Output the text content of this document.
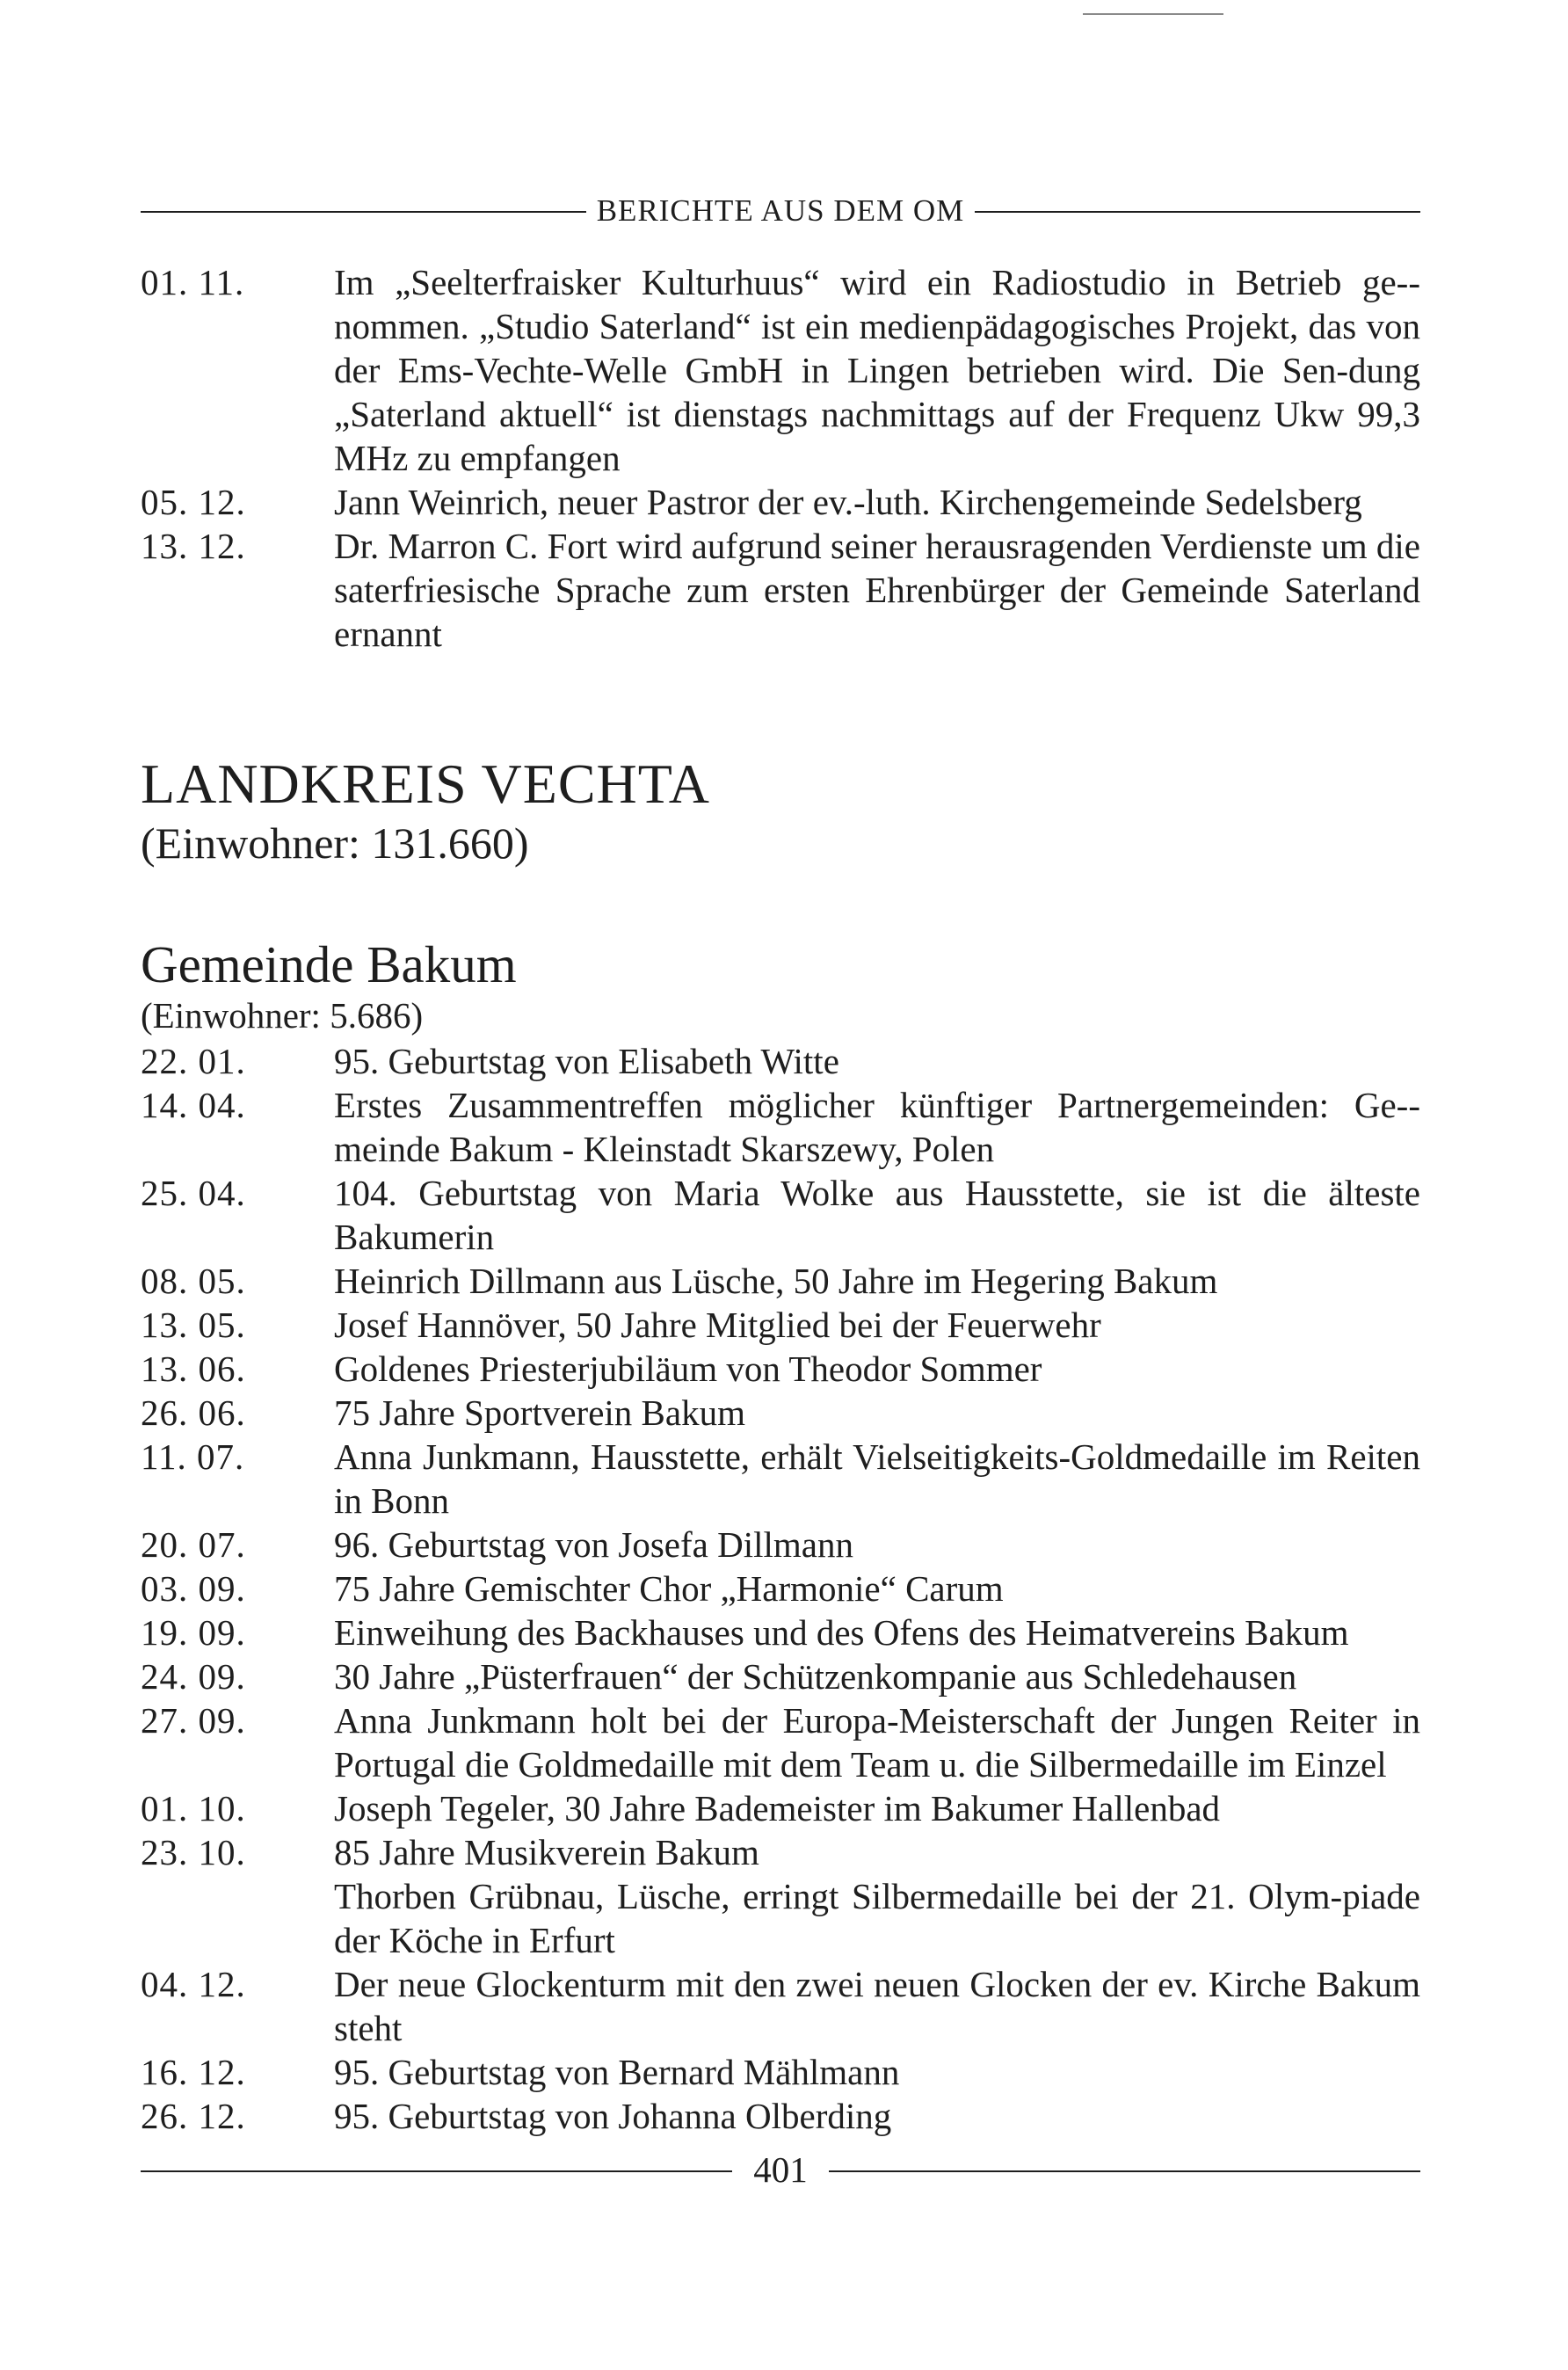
BERICHTE AUS DEM OM
01. 11.	Im „Seelterfraisker Kulturhuus“ wird ein Radiostudio in Betrieb ge-nommen. „Studio Saterland“ ist ein medienpädagogisches Projekt, das von der Ems-Vechte-Welle GmbH in Lingen betrieben wird. Die Sen-dung „Saterland aktuell“ ist dienstags nachmittags auf der Frequenz Ukw 99,3 MHz zu empfangen
05. 12.	Jann Weinrich, neuer Pastror der ev.-luth. Kirchengemeinde Sedelsberg
13. 12.	Dr. Marron C. Fort wird aufgrund seiner herausragenden Verdienste um die saterfriesische Sprache zum ersten Ehrenbürger der Gemeinde Saterland ernannt
LANDKREIS VECHTA
(Einwohner: 131.660)
Gemeinde Bakum
(Einwohner: 5.686)
22. 01.	95. Geburtstag von Elisabeth Witte
14. 04.	Erstes Zusammentreffen möglicher künftiger Partnergemeinden: Ge-meinde Bakum - Kleinstadt Skarszewy, Polen
25. 04.	104. Geburtstag von Maria Wolke aus Hausstette, sie ist die älteste Bakumerin
08. 05.	Heinrich Dillmann aus Lüsche, 50 Jahre im Hegering Bakum
13. 05.	Josef Hannöver, 50 Jahre Mitglied bei der Feuerwehr
13. 06.	Goldenes Priesterjubiläum von Theodor Sommer
26. 06.	75 Jahre Sportverein Bakum
11. 07.	Anna Junkmann, Hausstette, erhält Vielseitigkeits-Goldmedaille im Reiten in Bonn
20. 07.	96. Geburtstag von Josefa Dillmann
03. 09.	75 Jahre Gemischter Chor „Harmonie“ Carum
19. 09.	Einweihung des Backhauses und des Ofens des Heimatvereins Bakum
24. 09.	30 Jahre „Püsterfrauen“ der Schützenkompanie aus Schledehausen
27. 09.	Anna Junkmann holt bei der Europa-Meisterschaft der Jungen Reiter in Portugal die Goldmedaille mit dem Team u. die Silbermedaille im Einzel
01. 10.	Joseph Tegeler, 30 Jahre Bademeister im Bakumer Hallenbad
23. 10.	85 Jahre Musikverein Bakum
Thorben Grübnau, Lüsche, erringt Silbermedaille bei der 21. Olym-piade der Köche in Erfurt
04. 12.	Der neue Glockenturm mit den zwei neuen Glocken der ev. Kirche Bakum steht
16. 12.	95. Geburtstag von Bernard Mählmann
26. 12.	95. Geburtstag von Johanna Olberding
401
